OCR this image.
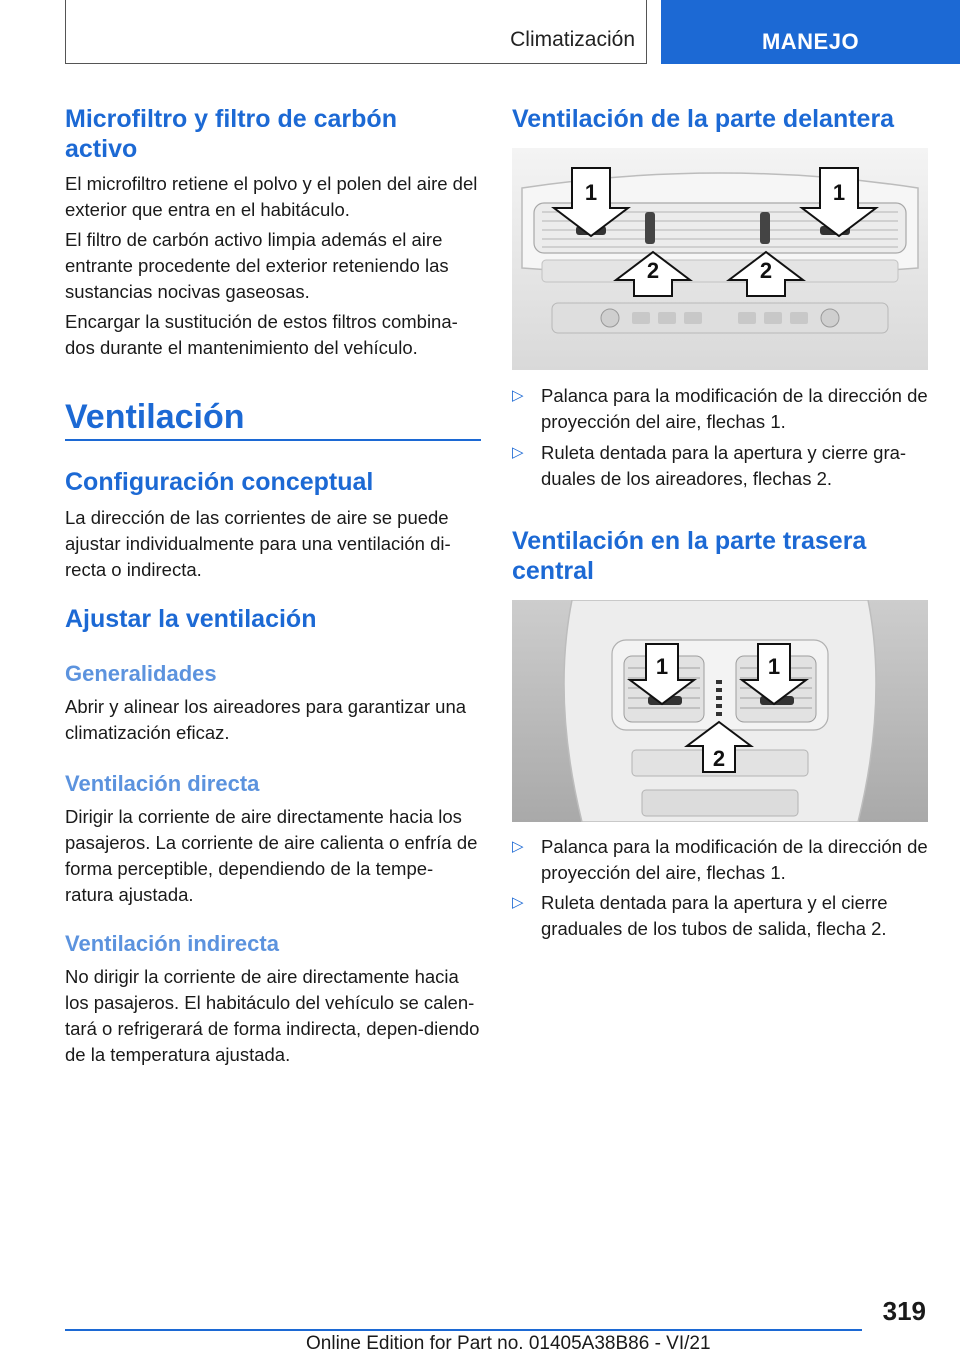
Climatización	MANEJO
Microfiltro y filtro de carbón activo

El microfiltro retiene el polvo y el polen del aire del exterior que entra en el habitáculo.

El filtro de carbón activo limpia además el aire entrante procedente del exterior reteniendo las sustancias nocivas gaseosas.

Encargar la sustitución de estos filtros combina‐dos durante el mantenimiento del vehículo.

Ventilación
Configuración conceptual

La dirección de las corrientes de aire se puede ajustar individualmente para una ventilación di‐recta o indirecta.

Ajustar la ventilación
Generalidades

Abrir y alinear los aireadores para garantizar una climatización eficaz.

Ventilación directa

Dirigir la corriente de aire directamente hacia los pasajeros. La corriente de aire calienta o enfría de forma perceptible, dependiendo de la tempe‐ratura ajustada.

Ventilación indirecta

No dirigir la corriente de aire directamente hacia los pasajeros. El habitáculo del vehículo se calen‐tará o refrigerará de forma indirecta, depen‐diendo de la temperatura ajustada.

Ventilación de la parte delantera
1	1
2	2
▷ Palanca para la modificación de la dirección de proyección del aire, flechas 1.

▷ Ruleta dentada para la apertura y cierre gra‐duales de los aireadores, flechas 2.

Ventilación en la parte trasera central
1	1
2
▷ Palanca para la modificación de la dirección de proyección del aire, flechas 1.

▷ Ruleta dentada para la apertura y el cierre graduales de los tubos de salida, flecha 2.

319
Online Edition for Part no. 01405A38B86 - VI/21
